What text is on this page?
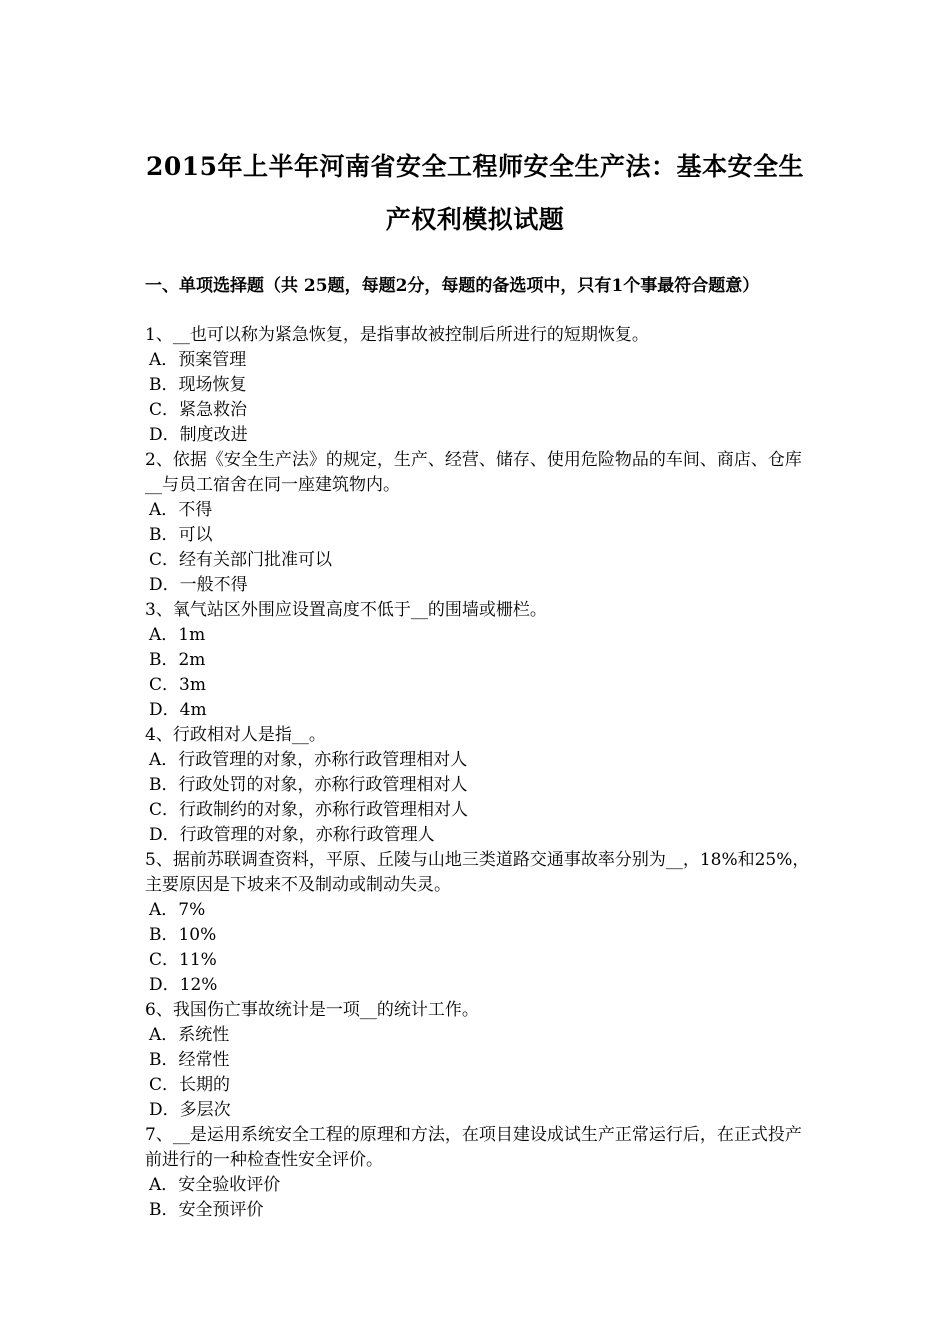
2015年上半年河南省安全工程师安全生产法：基本安全生
产权利模拟试题
一、单项选择题（共 25题，每题2分，每题的备选项中，只有1个事最符合题意）

1、__也可以称为紧急恢复，是指事故被控制后所进行的短期恢复。

A．预案管理

B．现场恢复

C．紧急救治

D．制度改进

2、依据《安全生产法》的规定，生产、经营、储存、使用危险物品的车间、商店、仓库__与员工宿舍在同一座建筑物内。

A．不得

B．可以

C．经有关部门批准可以

D．一般不得

3、氧气站区外围应设置高度不低于__的围墙或栅栏。

A．1m

B．2m

C．3m

D．4m

4、行政相对人是指__。

A．行政管理的对象，亦称行政管理相对人

B．行政处罚的对象，亦称行政管理相对人

C．行政制约的对象，亦称行政管理相对人

D．行政管理的对象，亦称行政管理人

5、据前苏联调查资料，平原、丘陵与山地三类道路交通事故率分别为__，18%和25%，主要原因是下坡来不及制动或制动失灵。

A．7%

B．10%

C．11%

D．12%

6、我国伤亡事故统计是一项__的统计工作。

A．系统性

B．经常性

C．长期的

D．多层次

7、__是运用系统安全工程的原理和方法，在项目建设成试生产正常运行后，在正式投产前进行的一种检查性安全评价。

A．安全验收评价

B．安全预评价
